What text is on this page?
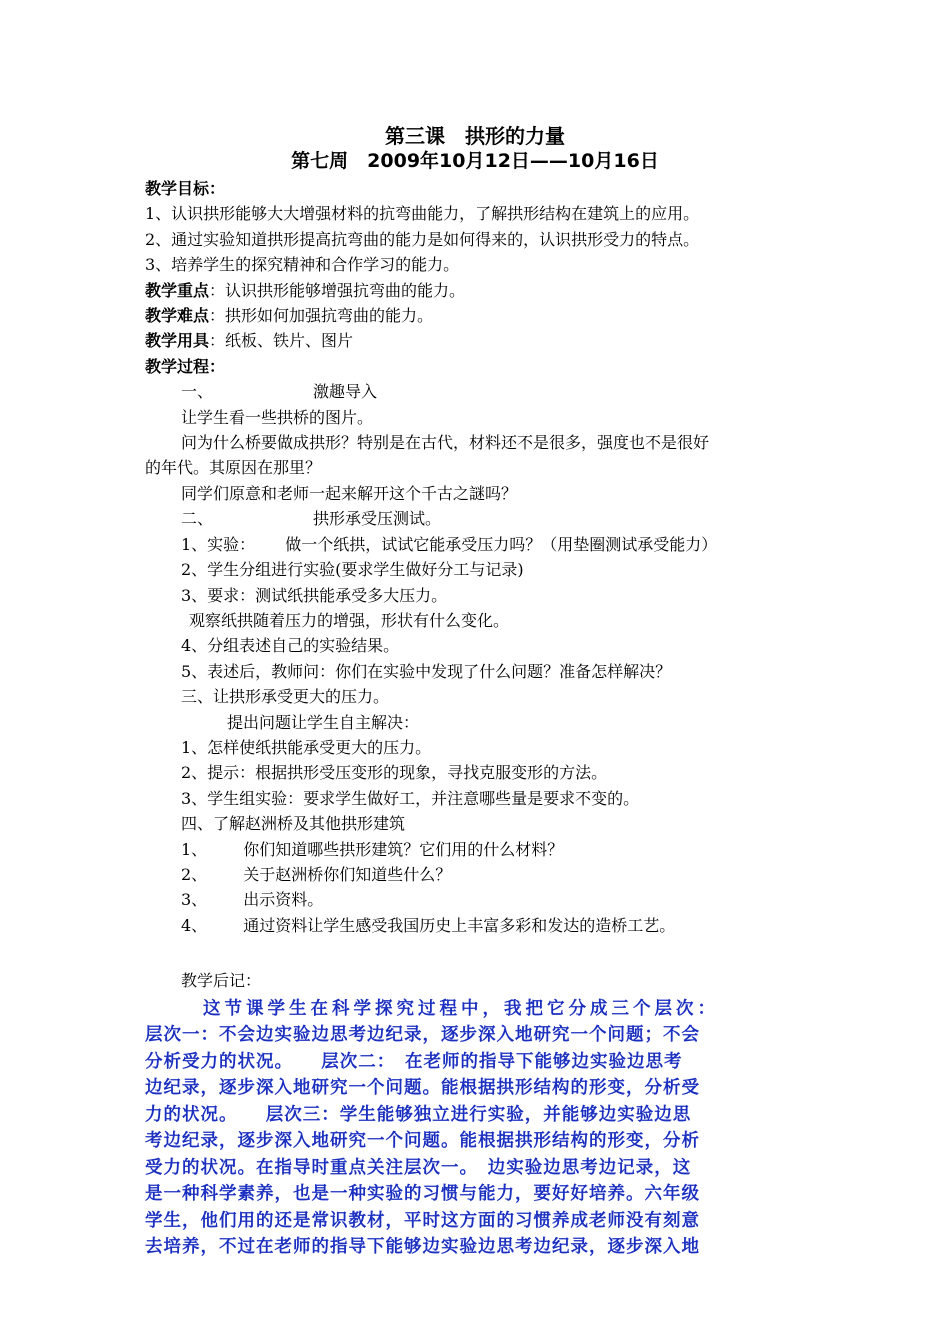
第三课　拱形的力量
第七周　2009年10月12日——10月16日
教学目标：
1、认识拱形能够大大增强材料的抗弯曲能力，了解拱形结构在建筑上的应用。
2、通过实验知道拱形提高抗弯曲的能力是如何得来的，认识拱形受力的特点。
3、培养学生的探究精神和合作学习的能力。
教学重点：认识拱形能够增强抗弯曲的能力。
教学难点：拱形如何加强抗弯曲的能力。
教学用具：纸板、铁片、图片
教学过程：
一、	激趣导入
让学生看一些拱桥的图片。
问为什么桥要做成拱形？特别是在古代，材料还不是很多，强度也不是很好
的年代。其原因在那里？
同学们原意和老师一起来解开这个千古之謎吗？
二、	拱形承受压测试。
1、实验： 做一个纸拱，试试它能承受压力吗？（用垫圈测试承受能力）
2、学生分组进行实验(要求学生做好分工与记录)
3、要求：测试纸拱能承受多大压力。
观察纸拱随着压力的增强，形状有什么变化。
4、分组表述自己的实验结果。
5、表述后，教师问：你们在实验中发现了什么问题？准备怎样解决？
三、让拱形承受更大的压力。
提出问题让学生自主解决：
1、怎样使纸拱能承受更大的压力。
2、提示：根据拱形受压变形的现象，寻找克服变形的方法。
3、学生组实验：要求学生做好工，并注意哪些量是要求不变的。
四、了解赵洲桥及其他拱形建筑
1、 你们知道哪些拱形建筑？它们用的什么材料？
2、 关于赵洲桥你们知道些什么？
3、 出示资料。
4、 通过资料让学生感受我国历史上丰富多彩和发达的造桥工艺。
教学后记：
这节课学生在科学探究过程中，我把它分成三个层次：
层次一：不会边实验边思考边纪录，逐步深入地研究一个问题；不会
分析受力的状况。　　层次二：　在老师的指导下能够边实验边思考
边纪录，逐步深入地研究一个问题。能根据拱形结构的形变，分析受
力的状况。　　层次三：学生能够独立进行实验，并能够边实验边思
考边纪录，逐步深入地研究一个问题。能根据拱形结构的形变，分析
受力的状况。在指导时重点关注层次一。　边实验边思考边记录，这
是一种科学素养，也是一种实验的习惯与能力，要好好培养。六年级
学生，他们用的还是常识教材，平时这方面的习惯养成老师没有刻意
去培养，不过在老师的指导下能够边实验边思考边纪录，逐步深入地
